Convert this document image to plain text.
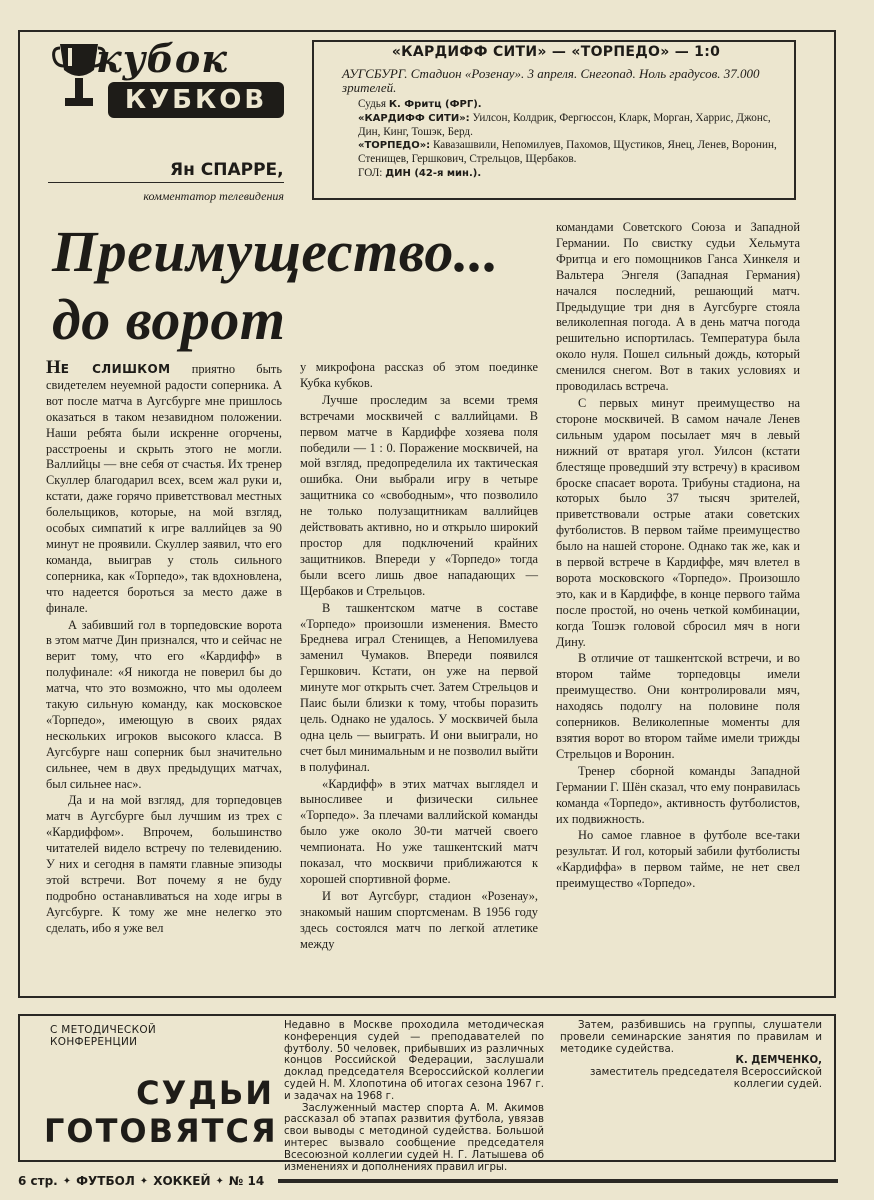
кубок
КУБКОВ
Ян СПАРРЕ,
комментатор телевидения
«КАРДИФФ СИТИ» — «ТОРПЕДО» — 1:0
АУГСБУРГ. Стадион «Розенау». 3 апреля. Снегопад. Ноль градусов. 37.000 зрителей.
Судья К. Фритц (ФРГ).
«КАРДИФФ СИТИ»: Уилсон, Колдрик, Фергюссон, Кларк, Морган, Харрис, Джонс, Дин, Кинг, Тошэк, Берд.
«ТОРПЕДО»: Кавазашвили, Непомилуев, Пахомов, Щустиков, Янец, Ленев, Воронин, Стенищев, Гершкович, Стрельцов, Щербаков.
ГОЛ: ДИН (42-я мин.).
Преимущество...
до ворот

НЕ СЛИШКОМ приятно быть свидетелем неуемной радости соперника. А вот после матча в Аугсбурге мне пришлось оказаться в таком незавидном положении. Наши ребята были искренне огорчены, расстроены и скрыть этого не могли. Валлийцы — вне себя от счастья. Их тренер Скуллер благодарил всех, всем жал руки и, кстати, даже горячо приветствовал местных болельщиков, которые, на мой взгляд, особых симпатий к игре валлийцев за 90 минут не проявили. Скуллер заявил, что его команда, выиграв у столь сильного соперника, как «Торпедо», так вдохновлена, что надеется бороться за место даже в финале.

А забивший гол в торпедовские ворота в этом матче Дин признался, что и сейчас не верит тому, что его «Кардифф» в полуфинале: «Я никогда не поверил бы до матча, что это возможно, что мы одолеем такую сильную команду, как московское «Торпедо», имеющую в своих рядах нескольких игроков высокого класса. В Аугсбурге наш соперник был значительно сильнее, чем в двух предыдущих матчах, был сильнее нас».

Да и на мой взгляд, для торпедовцев матч в Аугсбурге был лучшим из трех с «Кардиффом». Впрочем, большинство читателей видело встречу по телевидению. У них и сегодня в памяти главные эпизоды этой встречи. Вот почему я не буду подробно останавливаться на ходе игры в Аугсбурге. К тому же мне нелегко это сделать, ибо я уже вел

у микрофона рассказ об этом поединке Кубка кубков.

Лучше проследим за всеми тремя встречами москвичей с валлийцами. В первом матче в Кардиффе хозяева поля победили — 1 : 0. Поражение москвичей, на мой взгляд, предопределила их тактическая ошибка. Они выбрали игру в четыре защитника со «свободным», что позволило не только полузащитникам валлийцев действовать активно, но и открыло широкий простор для подключений крайних защитников. Впереди у «Торпедо» тогда были всего лишь двое нападающих — Щербаков и Стрельцов.

В ташкентском матче в составе «Торпедо» произошли изменения. Вместо Бреднева играл Стенищев, а Непомилуева заменил Чумаков. Впереди появился Гершкович. Кстати, он уже на первой минуте мог открыть счет. Затем Стрельцов и Паис были близки к тому, чтобы поразить цель. Однако не удалось. У москвичей была одна цель — выиграть. И они выиграли, но счет был минимальным и не позволил выйти в полуфинал.

«Кардифф» в этих матчах выглядел и выносливее и физически сильнее «Торпедо». За плечами валлийской команды было уже около 30-ти матчей своего чемпионата. Но уже ташкентский матч показал, что москвичи приближаются к хорошей спортивной форме.

И вот Аугсбург, стадион «Розенау», знакомый нашим спортсменам. В 1956 году здесь состоялся матч по легкой атлетике между

командами Советского Союза и Западной Германии. По свистку судьи Хельмута Фритца и его помощников Ганса Хинкеля и Вальтера Энгеля (Западная Германия) начался последний, решающий матч. Предыдущие три дня в Аугсбурге стояла великолепная погода. А в день матча погода решительно испортилась. Температура была около нуля. Пошел сильный дождь, который сменился снегом. Вот в таких условиях и проводилась встреча.

С первых минут преимущество на стороне москвичей. В самом начале Ленев сильным ударом посылает мяч в левый нижний от вратаря угол. Уилсон (кстати блестяще проведший эту встречу) в красивом броске спасает ворота. Трибуны стадиона, на которых было 37 тысяч зрителей, приветствовали острые атаки советских футболистов. В первом тайме преимущество было на нашей стороне. Однако так же, как и в первой встрече в Кардиффе, мяч влетел в ворота московского «Торпедо». Произошло это, как и в Кардиффе, в конце первого тайма после простой, но очень четкой комбинации, когда Тошэк головой сбросил мяч в ноги Дину.

В отличие от ташкентской встречи, и во втором тайме торпедовцы имели преимущество. Они контролировали мяч, находясь подолгу на половине поля соперников. Великолепные моменты для взятия ворот во втором тайме имели трижды Стрельцов и Воронин.

Тренер сборной команды Западной Германии Г. Шён сказал, что ему понравилась команда «Торпедо», активность футболистов, их подвижность.

Но самое главное в футболе все-таки результат. И гол, который забили футболисты «Кардиффа» в первом тайме, не нет свел преимущество «Торпедо».

С МЕТОДИЧЕСКОЙ КОНФЕРЕНЦИИ
СУДЬИ
ГОТОВЯТСЯ

Недавно в Москве проходила методическая конференция судей — преподавателей по футболу. 50 человек, прибывших из различных концов Российской Федерации, заслушали доклад председателя Всероссийской коллегии судей Н. М. Хлопотина об итогах сезона 1967 г. и задачах на 1968 г.

Заслуженный мастер спорта А. М. Акимов рассказал об этапах развития футбола, увязав свои выводы с методиной судейства. Большой интерес вызвало сообщение председателя Всесоюзной коллегии судей Н. Г. Латышева об изменениях и дополнениях правил игры.

Затем, разбившись на группы, слушатели провели семинарские занятия по правилам и методике судейства.

К. ДЕМЧЕНКО,
заместитель председателя Всероссийской коллегии судей.
6 стр. ✦ ФУТБОЛ ✦ ХОККЕЙ ✦ № 14
